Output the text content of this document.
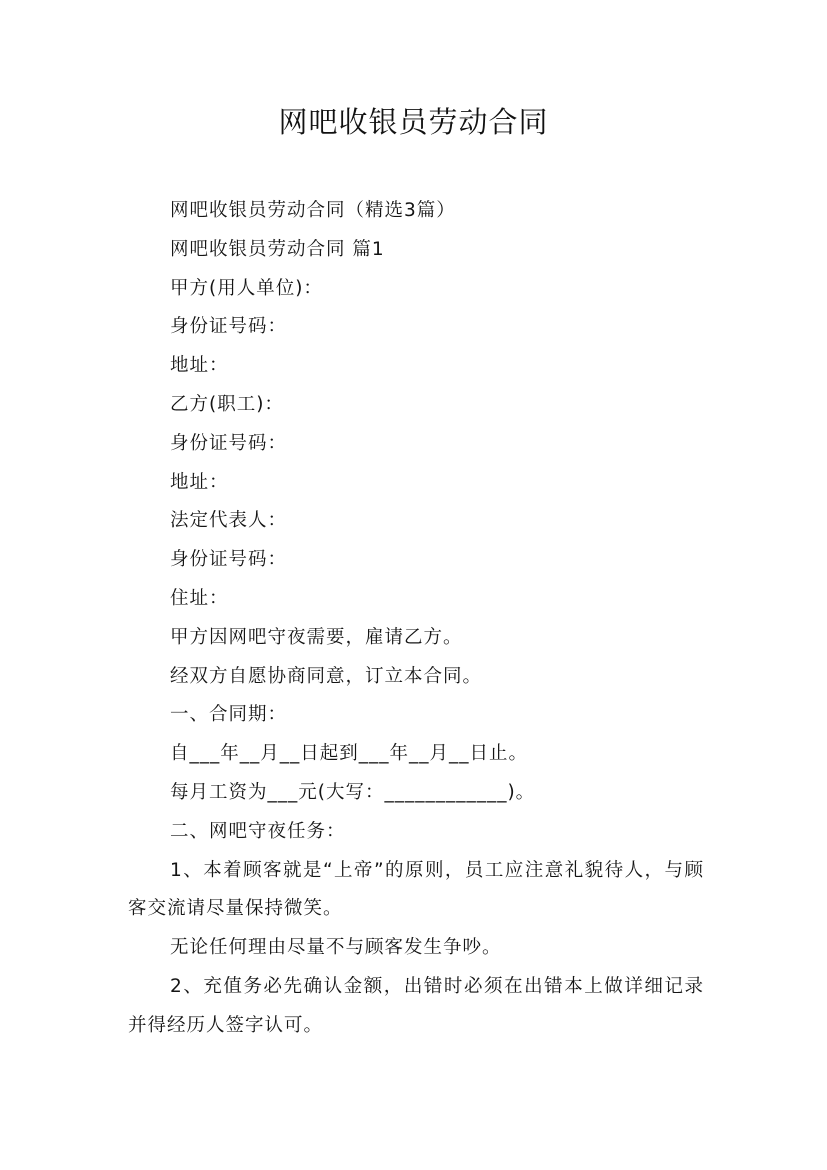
网吧收银员劳动合同

网吧收银员劳动合同（精选3篇）

网吧收银员劳动合同 篇1

甲方(用人单位)：

身份证号码：

地址：

乙方(职工)：

身份证号码：

地址：

法定代表人：

身份证号码：

住址：

甲方因网吧守夜需要，雇请乙方。

经双方自愿协商同意，订立本合同。

一、合同期：

自___年__月__日起到___年__月__日止。

每月工资为___元(大写：____________)。

二、网吧守夜任务：

1、本着顾客就是“上帝”的原则，员工应注意礼貌待人，与顾客交流请尽量保持微笑。

无论任何理由尽量不与顾客发生争吵。

2、充值务必先确认金额，出错时必须在出错本上做详细记录并得经历人签字认可。
